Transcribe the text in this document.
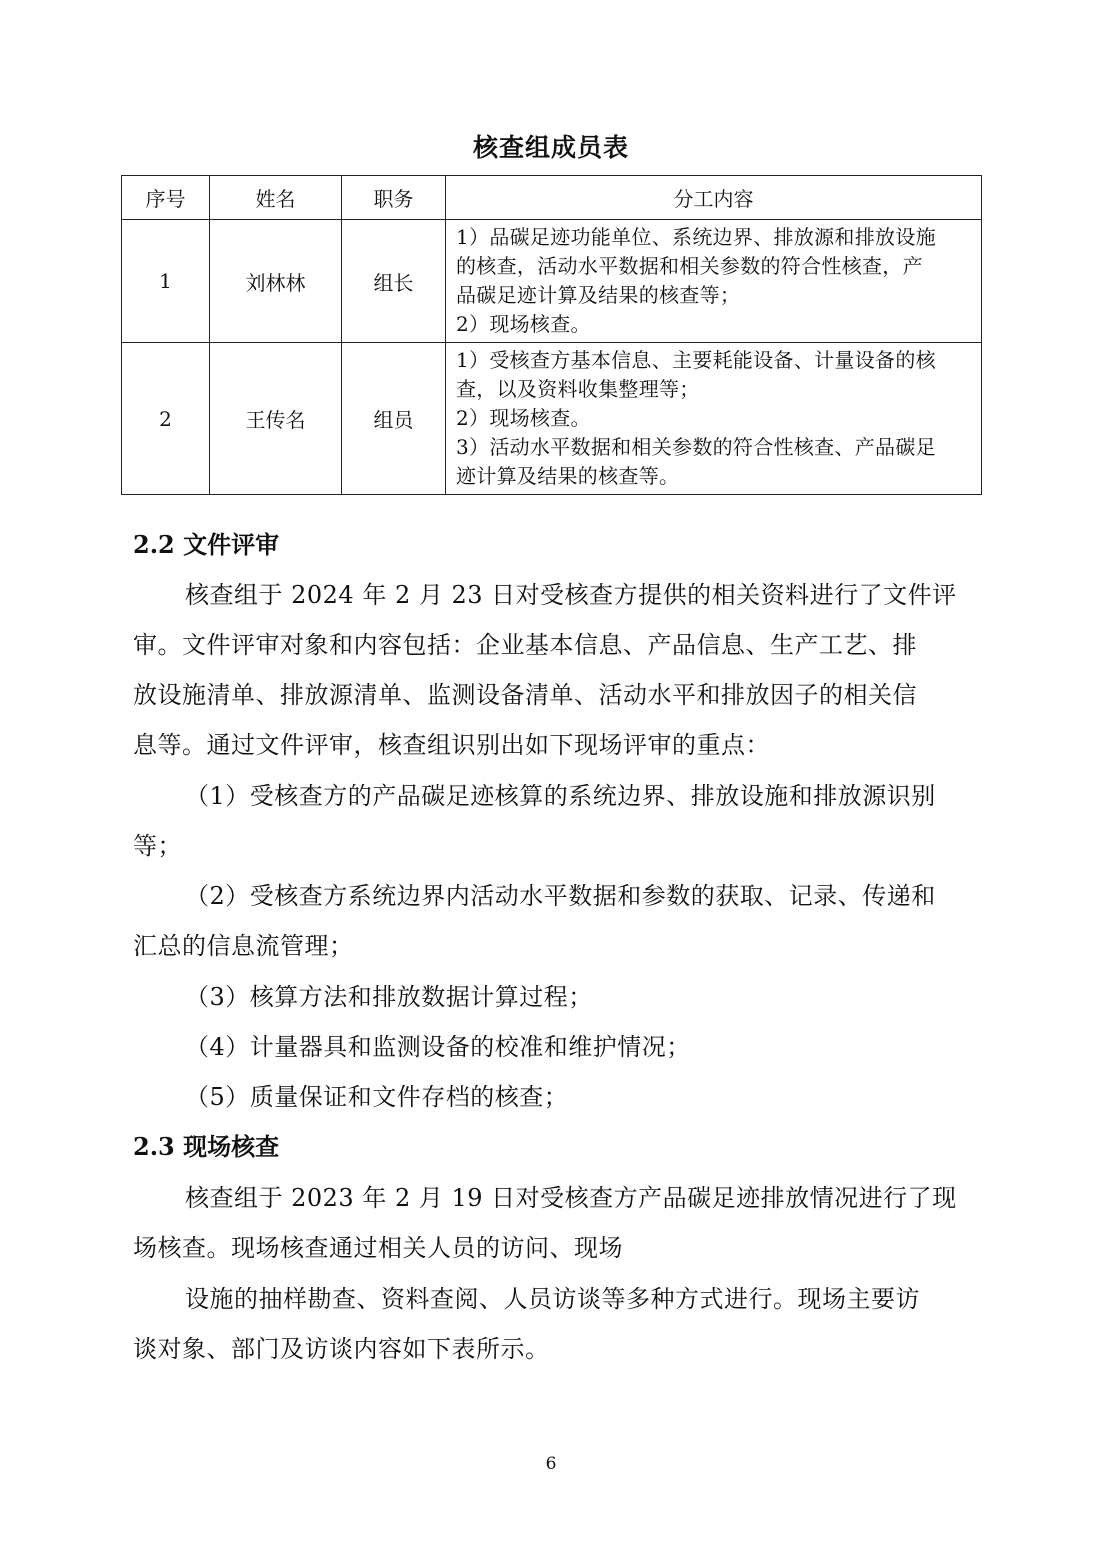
核查组成员表
序号	姓名	职务	分工内容
1	刘林林	组长	1）品碳足迹功能单位、系统边界、排放源和排放设施
的核查，活动水平数据和相关参数的符合性核查，产
品碳足迹计算及结果的核查等；
2）现场核查。

2	王传名	组员	1）受核查方基本信息、主要耗能设备、计量设备的核
查，以及资料收集整理等；
2）现场核查。
3）活动水平数据和相关参数的符合性核查、产品碳足
迹计算及结果的核查等。
2.2 文件评审
核查组于 2024 年 2 月 23 日对受核查方提供的相关资料进行了文件评
审。文件评审对象和内容包括：企业基本信息、产品信息、生产工艺、排
放设施清单、排放源清单、监测设备清单、活动水平和排放因子的相关信
息等。通过文件评审，核查组识别出如下现场评审的重点：
（1）受核查方的产品碳足迹核算的系统边界、排放设施和排放源识别
等；
（2）受核查方系统边界内活动水平数据和参数的获取、记录、传递和
汇总的信息流管理；
（3）核算方法和排放数据计算过程；
（4）计量器具和监测设备的校准和维护情况；
（5）质量保证和文件存档的核查；
2.3 现场核查
核查组于 2023 年 2 月 19 日对受核查方产品碳足迹排放情况进行了现
场核查。现场核查通过相关人员的访问、现场
设施的抽样勘查、资料查阅、人员访谈等多种方式进行。现场主要访
谈对象、部门及访谈内容如下表所示。
6
